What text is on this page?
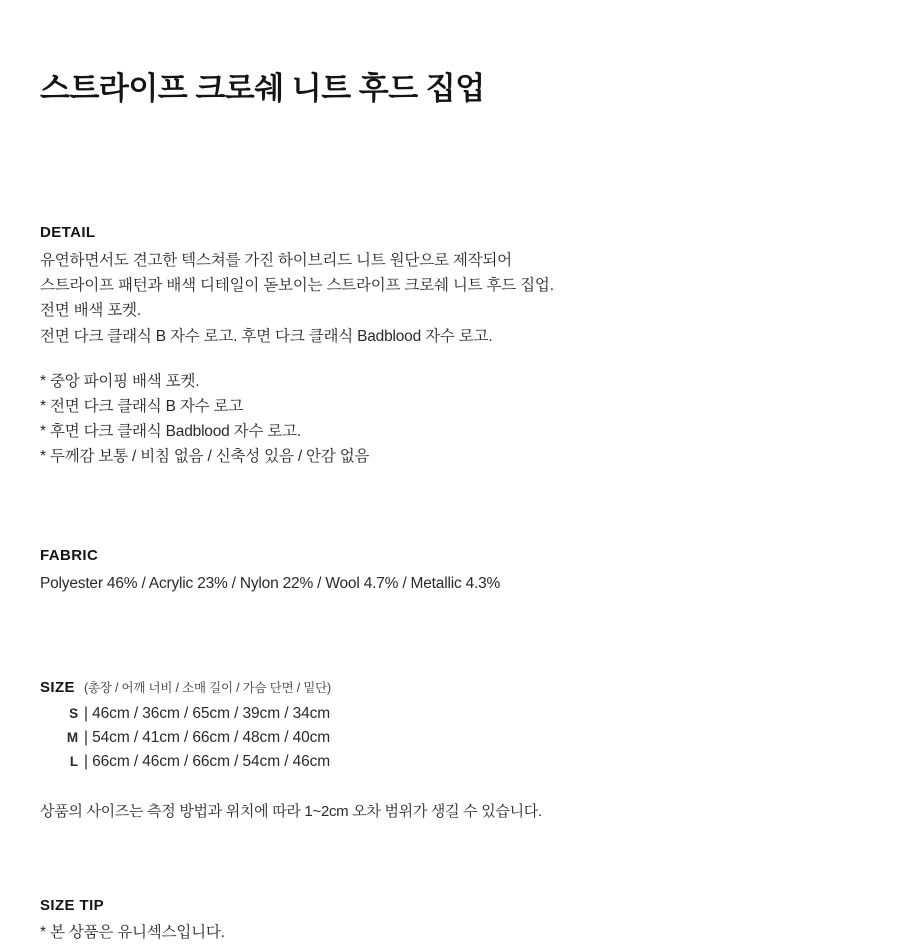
스트라이프 크로쉐 니트 후드 집업
DETAIL

유연하면서도 견고한 텍스쳐를 가진 하이브리드 니트 원단으로 제작되어

스트라이프 패턴과 배색 디테일이 돋보이는 스트라이프 크로쉐 니트 후드 집업.

전면 배색 포켓.

전면 다크 클래식 B 자수 로고. 후면 다크 클래식 Badblood 자수 로고.

* 중앙 파이핑 배색 포켓.

* 전면 다크 클래식 B 자수 로고

* 후면 다크 클래식 Badblood 자수 로고.

* 두께감 보통 / 비침 없음 / 신축성 있음 / 안감 없음

FABRIC

Polyester 46% / Acrylic 23% / Nylon 22% / Wool 4.7% / Metallic 4.3%

SIZE (총장 / 어깨 너비 / 소매 길이 / 가슴 단면 / 밑단)
S | 46cm / 36cm / 65cm / 39cm / 34cm
M | 54cm / 41cm / 66cm / 48cm / 40cm
L | 66cm / 46cm / 66cm / 54cm / 46cm

상품의 사이즈는 측정 방법과 위치에 따라 1~2cm 오차 범위가 생길 수 있습니다.

SIZE TIP

* 본 상품은 유니섹스입니다.
